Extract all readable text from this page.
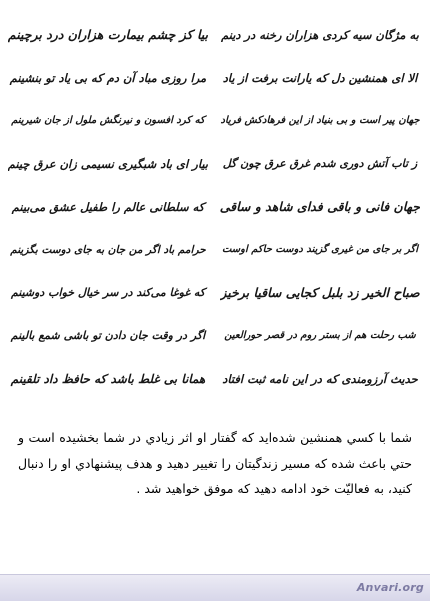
به مژگان سیه کردی هزاران رخنه در دینم
بیا کز چشم بیمارت هزاران درد برچینم
الا ای همنشین دل که یارانت برفت از یاد
مرا روزی مباد آن دم که بی یاد تو بنشینم
جهان پیر است و بی بنیاد از این فرهادکش فریاد
که کرد افسون و نیرنگش ملول از جان شیرینم
ز تاب آتش دوری شدم غرق عرق چون گل
بیار ای باد شبگیری نسیمی زان عرق چینم
جهان فانی و باقی فدای شاهد و ساقی
که سلطانی عالم را طفیل عشق می‌بینم
اگر بر جای من غیری گزیند دوست حاکم اوست
حرامم باد اگر من جان به جای دوست بگزینم
صباح الخیر زد بلبل کجایی ساقیا برخیز
که غوغا می‌کند در سر خیال خواب دوشینم
شب رحلت هم از بستر روم در قصر حورالعین
اگر در وقت جان دادن تو باشی شمع بالینم
حدیث آرزومندی که در این نامه ثبت افتاد
همانا بی غلط باشد که حافظ داد تلقینم
شما با كسي همنشين شده‌ايد كه گفتار او اثر زيادي در شما بخشيده است و حتي باعث شده كه مسير زندگيتان را تغيير دهيد و هدف پيشنهادي او را دنبال كنيد، به فعاليّت خود ادامه دهيد كه موفق خواهيد شد .
Anvari.org
